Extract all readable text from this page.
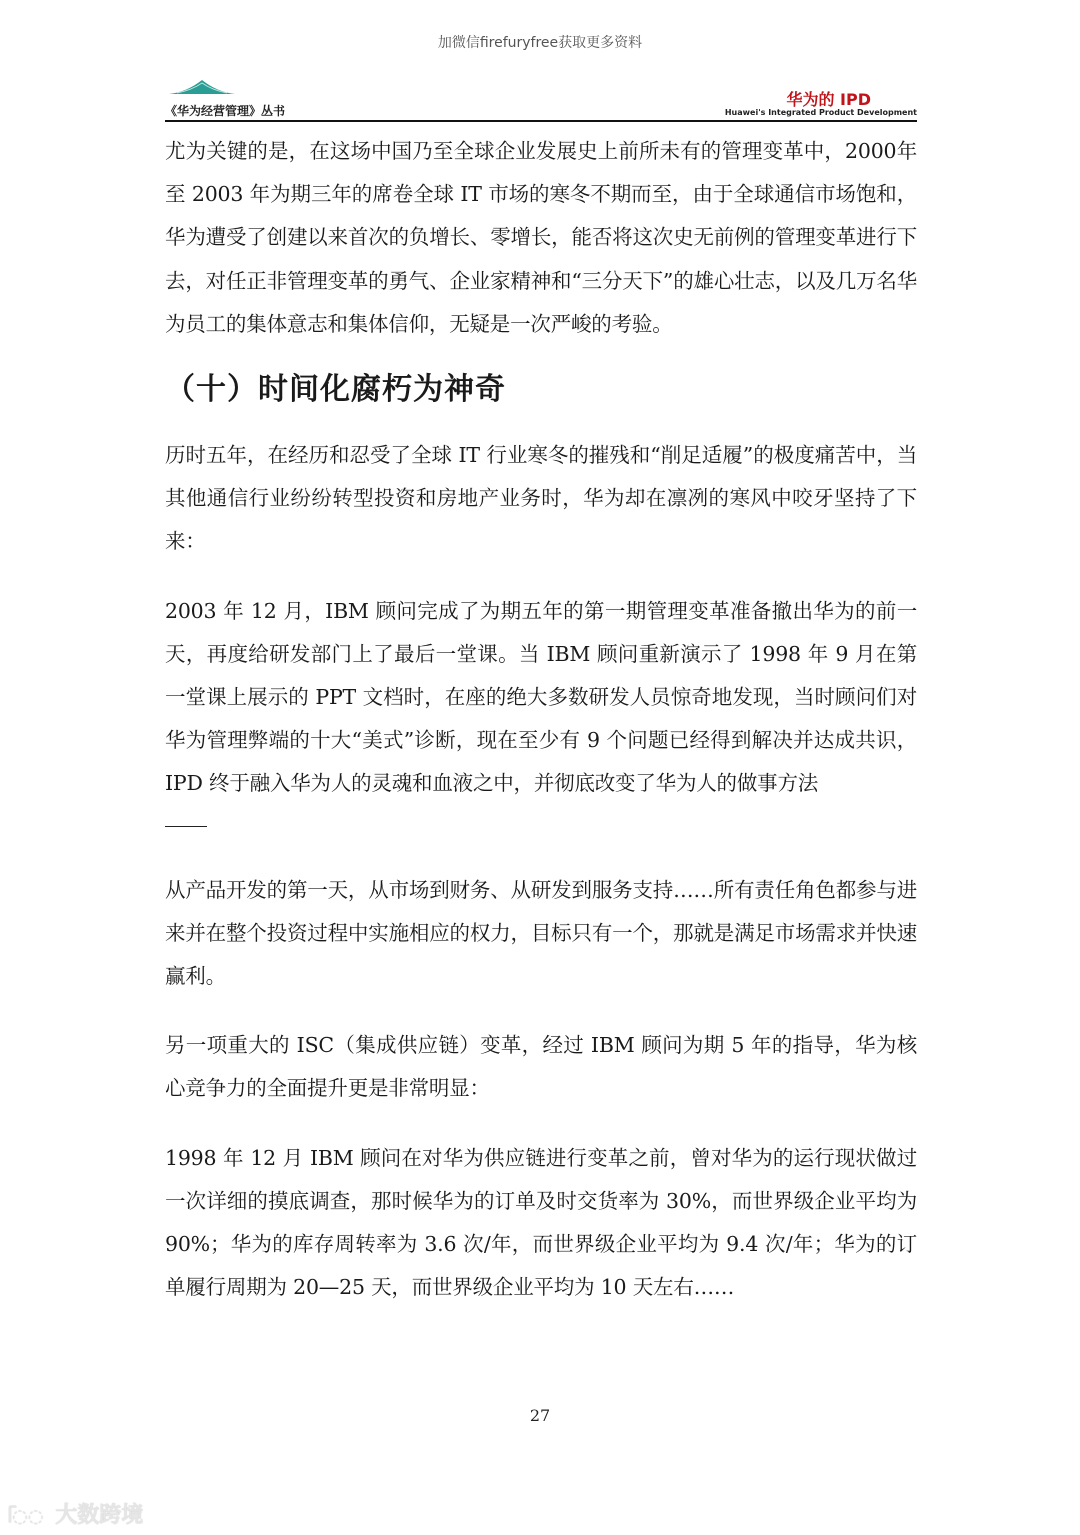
加微信firefuryfree获取更多资料
《华为经营管理》丛书
华为的 IPD
Huawei's Integrated Product Development

尤为关键的是，在这场中国乃至全球企业发展史上前所未有的管理变革中，2000年至 2003 年为期三年的席卷全球 IT 市场的寒冬不期而至，由于全球通信市场饱和，华为遭受了创建以来首次的负增长、零增长，能否将这次史无前例的管理变革进行下去，对任正非管理变革的勇气、企业家精神和“三分天下”的雄心壮志，以及几万名华为员工的集体意志和集体信仰，无疑是一次严峻的考验。

（十）时间化腐朽为神奇

历时五年，在经历和忍受了全球 IT 行业寒冬的摧残和“削足适履”的极度痛苦中，当其他通信行业纷纷转型投资和房地产业务时，华为却在凛冽的寒风中咬牙坚持了下来：

2003 年 12 月，IBM 顾问完成了为期五年的第一期管理变革准备撤出华为的前一天，再度给研发部门上了最后一堂课。当 IBM 顾问重新演示了 1998 年 9 月在第一堂课上展示的 PPT 文档时，在座的绝大多数研发人员惊奇地发现，当时顾问们对华为管理弊端的十大“美式”诊断，现在至少有 9 个问题已经得到解决并达成共识，IPD 终于融入华为人的灵魂和血液之中，并彻底改变了华为人的做事方法

从产品开发的第一天，从市场到财务、从研发到服务支持……所有责任角色都参与进来并在整个投资过程中实施相应的权力，目标只有一个，那就是满足市场需求并快速赢利。

另一项重大的 ISC（集成供应链）变革，经过 IBM 顾问为期 5 年的指导，华为核心竞争力的全面提升更是非常明显：

1998 年 12 月 IBM 顾问在对华为供应链进行变革之前，曾对华为的运行现状做过一次详细的摸底调查，那时候华为的订单及时交货率为 30%，而世界级企业平均为 90%；华为的库存周转率为 3.6 次/年，而世界级企业平均为 9.4 次/年；华为的订单履行周期为 20—25 天，而世界级企业平均为 10 天左右……

27
ᥬ◌◌ 大数跨境
